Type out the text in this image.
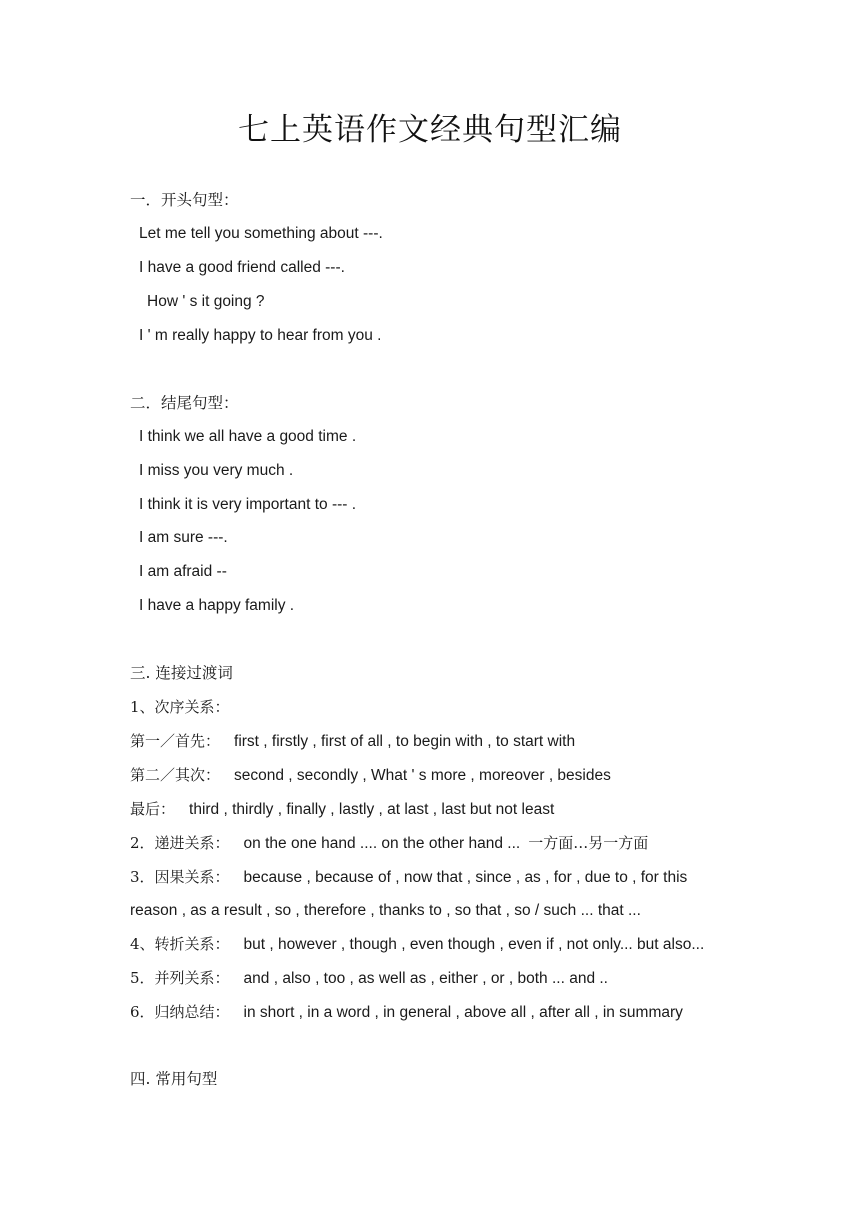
七上英语作文经典句型汇编
一．开头句型：
Let me tell you something about ---.
I have a good friend called ---.
How ' s it going ?
I ' m really happy to hear from you .
二．结尾句型：
I think we all have a good time .
I miss you very much .
I think it is very important to --- .
I am sure ---.
I am afraid --
I have a happy family .
三. 连接过渡词
1、次序关系：
第一／首先： first , firstly , first of all , to begin with , to start with
第二／其次： second , secondly , What ' s more , moreover , besides
最后： third , thirdly , finally , lastly , at last , last but not least
2．递进关系： on the one hand .... on the other hand ... 一方面…另一方面
3．因果关系： because , because of , now that , since , as , for , due to , for this
reason , as a result , so , therefore , thanks to , so that , so / such ... that ...
4、转折关系： but , however , though , even though , even if , not only... but also...
5．并列关系： and , also , too , as well as , either , or , both ... and ..
6．归纳总结： in short , in a word , in general , above all , after all , in summary
四. 常用句型
